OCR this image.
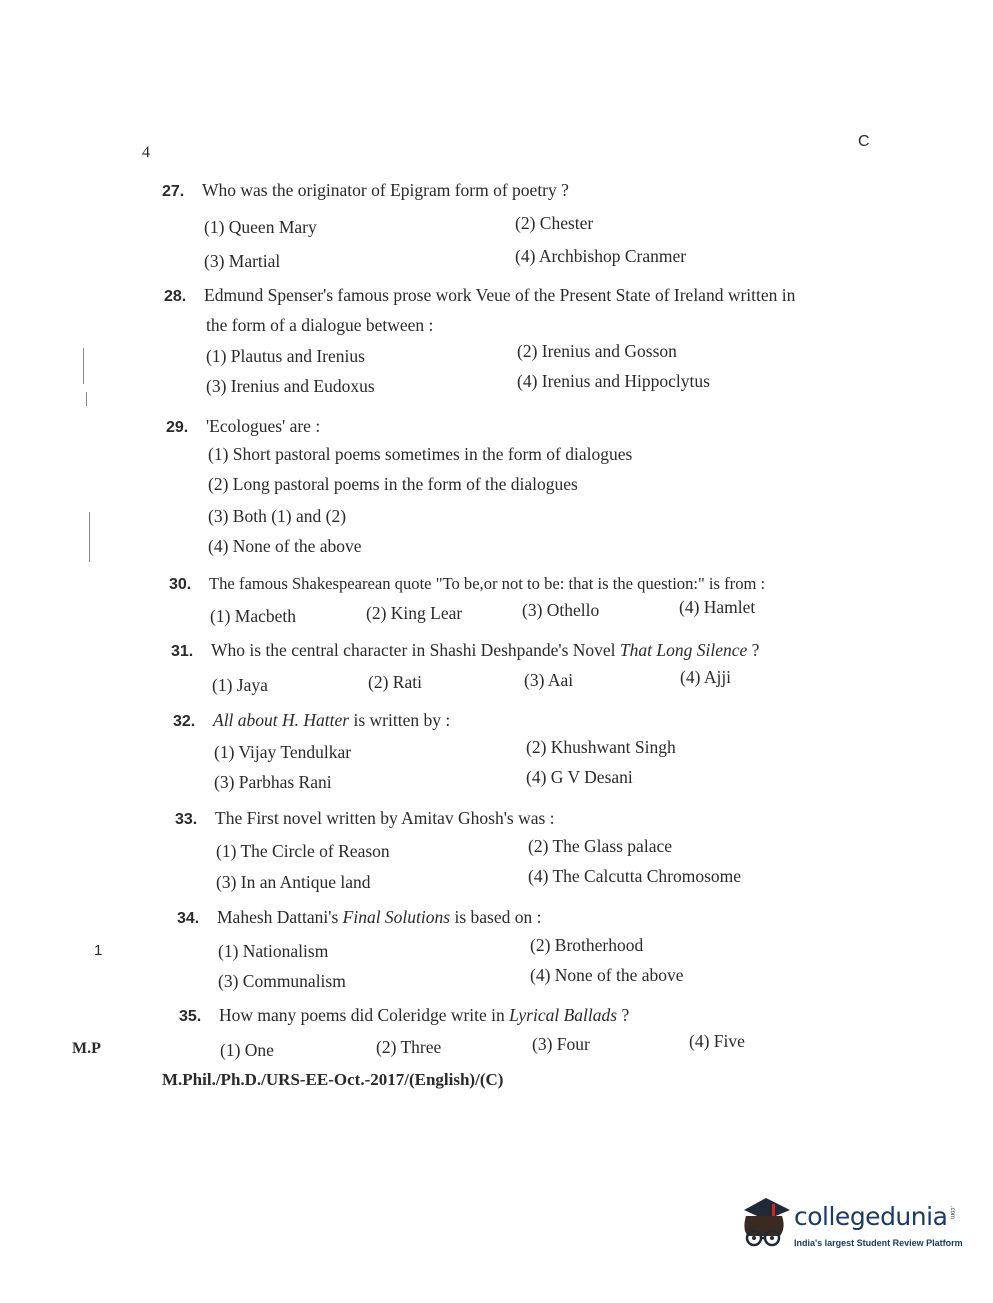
4
C
1
M.P
27. Who was the originator of Epigram form of poetry ?
(1) Queen Mary	(2) Chester
(3) Martial	(4) Archbishop Cranmer
28. Edmund Spenser's famous prose work Veue of the Present State of Ireland written in
the form of a dialogue between :
(1) Plautus and Irenius	(2) Irenius and Gosson
(3) Irenius and Eudoxus	(4) Irenius and Hippoclytus
29. 'Ecologues' are :
(1) Short pastoral poems sometimes in the form of dialogues
(2) Long pastoral poems in the form of the dialogues
(3) Both (1) and (2)
(4) None of the above
30. The famous Shakespearean quote "To be,or not to be: that is the question:" is from :
(1) Macbeth	(2) King Lear	(3) Othello	(4) Hamlet
31. Who is the central character in Shashi Deshpande's Novel That Long Silence ?
(1) Jaya	(2) Rati	(3) Aai	(4) Ajji
32. All about H. Hatter is written by :
(1) Vijay Tendulkar	(2) Khushwant Singh
(3) Parbhas Rani	(4) G V Desani
33. The First novel written by Amitav Ghosh's was :
(1) The Circle of Reason	(2) The Glass palace
(3) In an Antique land	(4) The Calcutta Chromosome
34. Mahesh Dattani's Final Solutions is based on :
(1) Nationalism	(2) Brotherhood
(3) Communalism	(4) None of the above
35. How many poems did Coleridge write in Lyrical Ballads ?
(1) One	(2) Three	(3) Four	(4) Five
M.Phil./Ph.D./URS-EE-Oct.-2017/(English)/(C)
collegedunia .com
India's largest Student Review Platform
